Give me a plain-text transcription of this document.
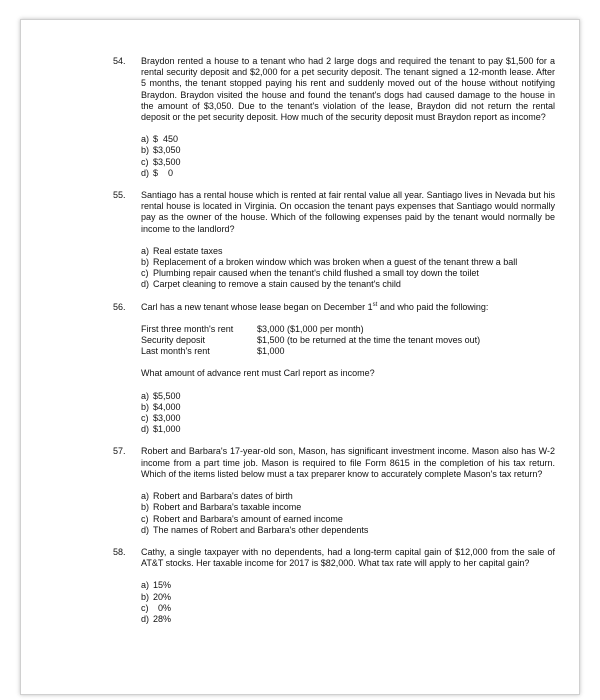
54. Braydon rented a house to a tenant who had 2 large dogs and required the tenant to pay $1,500 for a rental security deposit and $2,000 for a pet security deposit. The tenant signed a 12-month lease. After 5 months, the tenant stopped paying his rent and suddenly moved out of the house without notifying Braydon. Braydon visited the house and found the tenant's dogs had caused damage to the house in the amount of $3,050. Due to the tenant's violation of the lease, Braydon did not return the rental deposit or the pet security deposit. How much of the security deposit must Braydon report as income?
a) $  450
b) $3,050
c) $3,500
d) $    0
55. Santiago has a rental house which is rented at fair rental value all year. Santiago lives in Nevada but his rental house is located in Virginia. On occasion the tenant pays expenses that Santiago would normally pay as the owner of the house. Which of the following expenses paid by the tenant would normally be income to the landlord?
a) Real estate taxes
b) Replacement of a broken window which was broken when a guest of the tenant threw a ball
c) Plumbing repair caused when the tenant's child flushed a small toy down the toilet
d) Carpet cleaning to remove a stain caused by the tenant's child
56. Carl has a new tenant whose lease began on December 1st and who paid the following:
First three month's rent	$3,000 ($1,000 per month)
Security deposit	$1,500 (to be returned at the time the tenant moves out)
Last month's rent	$1,000
What amount of advance rent must Carl report as income?
a) $5,500
b) $4,000
c) $3,000
d) $1,000
57. Robert and Barbara's 17-year-old son, Mason, has significant investment income. Mason also has W-2 income from a part time job. Mason is required to file Form 8615 in the completion of his tax return. Which of the items listed below must a tax preparer know to accurately complete Mason's tax return?
a) Robert and Barbara's dates of birth
b) Robert and Barbara's taxable income
c) Robert and Barbara's amount of earned income
d) The names of Robert and Barbara's other dependents
58. Cathy, a single taxpayer with no dependents, had a long-term capital gain of $12,000 from the sale of AT&T stocks. Her taxable income for 2017 is $82,000. What tax rate will apply to her capital gain?
a) 15%
b) 20%
c) 0%
d) 28%
